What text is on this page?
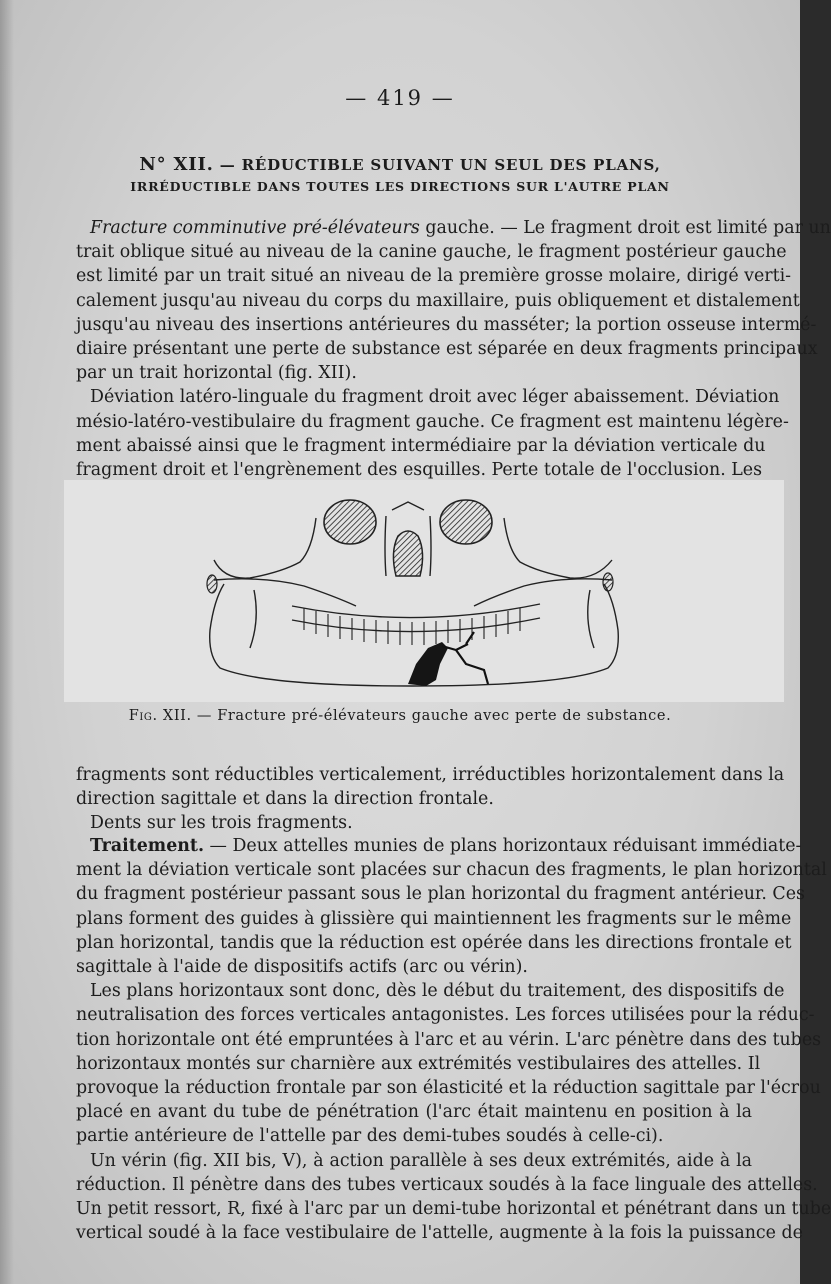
— 419 —
N° XII. — RÉDUCTIBLE SUIVANT UN SEUL DES PLANS,
IRRÉDUCTIBLE DANS TOUTES LES DIRECTIONS SUR L'AUTRE PLAN
Fracture comminutive pré-élévateurs gauche. — Le fragment droit est limité par un
trait oblique situé au niveau de la canine gauche, le fragment postérieur gauche
est limité par un trait situé an niveau de la première grosse molaire, dirigé verti-
calement jusqu'au niveau du corps du maxillaire, puis obliquement et distalement
jusqu'au niveau des insertions antérieures du masséter; la portion osseuse intermé-
diaire présentant une perte de substance est séparée en deux fragments principaux
par un trait horizontal (fig. XII).
Déviation latéro-linguale du fragment droit avec léger abaissement. Déviation
mésio-latéro-vestibulaire du fragment gauche. Ce fragment est maintenu légère-
ment abaissé ainsi que le fragment intermédiaire par la déviation verticale du
fragment droit et l'engrènement des esquilles. Perte totale de l'occlusion. Les
Fig. XII. — Fracture pré-élévateurs gauche avec perte de substance.
fragments sont réductibles verticalement, irréductibles horizontalement dans la
direction sagittale et dans la direction frontale.
Dents sur les trois fragments.
Traitement. — Deux attelles munies de plans horizontaux réduisant immédiate-
ment la déviation verticale sont placées sur chacun des fragments, le plan horizontal
du fragment postérieur passant sous le plan horizontal du fragment antérieur. Ces
plans forment des guides à glissière qui maintiennent les fragments sur le même
plan horizontal, tandis que la réduction est opérée dans les directions frontale et
sagittale à l'aide de dispositifs actifs (arc ou vérin).
Les plans horizontaux sont donc, dès le début du traitement, des dispositifs de
neutralisation des forces verticales antagonistes. Les forces utilisées pour la réduc-
tion horizontale ont été empruntées à l'arc et au vérin. L'arc pénètre dans des tubes
horizontaux montés sur charnière aux extrémités vestibulaires des attelles. Il
provoque la réduction frontale par son élasticité et la réduction sagittale par l'écrou
placé en avant du tube de pénétration (l'arc était maintenu en position à la
partie antérieure de l'attelle par des demi-tubes soudés à celle-ci).
Un vérin (fig. XII bis, V), à action parallèle à ses deux extrémités, aide à la
réduction. Il pénètre dans des tubes verticaux soudés à la face linguale des attelles.
Un petit ressort, R, fixé à l'arc par un demi-tube horizontal et pénétrant dans un tube
vertical soudé à la face vestibulaire de l'attelle, augmente à la fois la puissance de
